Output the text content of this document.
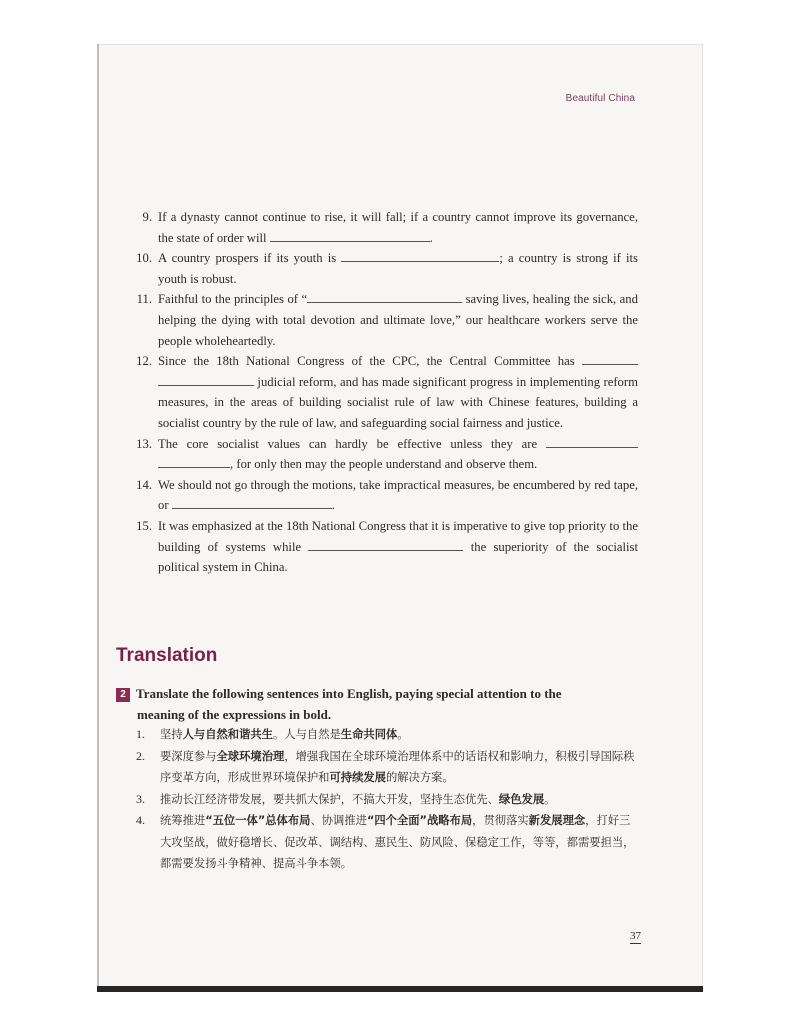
Beautiful China
9. If a dynasty cannot continue to rise, it will fall; if a country cannot improve its governance, the state of order will	.
10. A country prospers if its youth is	; a country is strong if its youth is robust.
11. Faithful to the principles of “	saving lives, healing the sick, and helping the dying with total devotion and ultimate love,” our healthcare workers serve the people wholeheartedly.
12. Since the 18th National Congress of the CPC, the Central Committee has   judicial reform, and has made significant progress in implementing reform measures, in the areas of building socialist rule of law with Chinese features, building a socialist country by the rule of law, and safeguarding social fairness and justice.
13. The core socialist values can hardly be effective unless they are  , for only then may the people understand and observe them.
14. We should not go through the motions, take impractical measures, be encumbered by red tape, or	.
15. It was emphasized at the 18th National Congress that it is imperative to give top priority to the building of systems while	the superiority of the socialist political system in China.
Translation
2 Translate the following sentences into English, paying special attention to the
meaning of the expressions in bold.
1. 坚持人与自然和谐共生。人与自然是生命共同体。
2. 要深度参与全球环境治理，增强我国在全球环境治理体系中的话语权和影响力，积极引导国际秩序变革方向，形成世界环境保护和可持续发展的解决方案。
3. 推动长江经济带发展，要共抓大保护，不搞大开发，坚持生态优先、绿色发展。
4. 统筹推进“五位一体”总体布局、协调推进“四个全面”战略布局，贯彻落实新发展理念，打好三大攻坚战，做好稳增长、促改革、调结构、惠民生、防风险、保稳定工作，等等，都需要担当，都需要发扬斗争精神、提高斗争本领。
37
